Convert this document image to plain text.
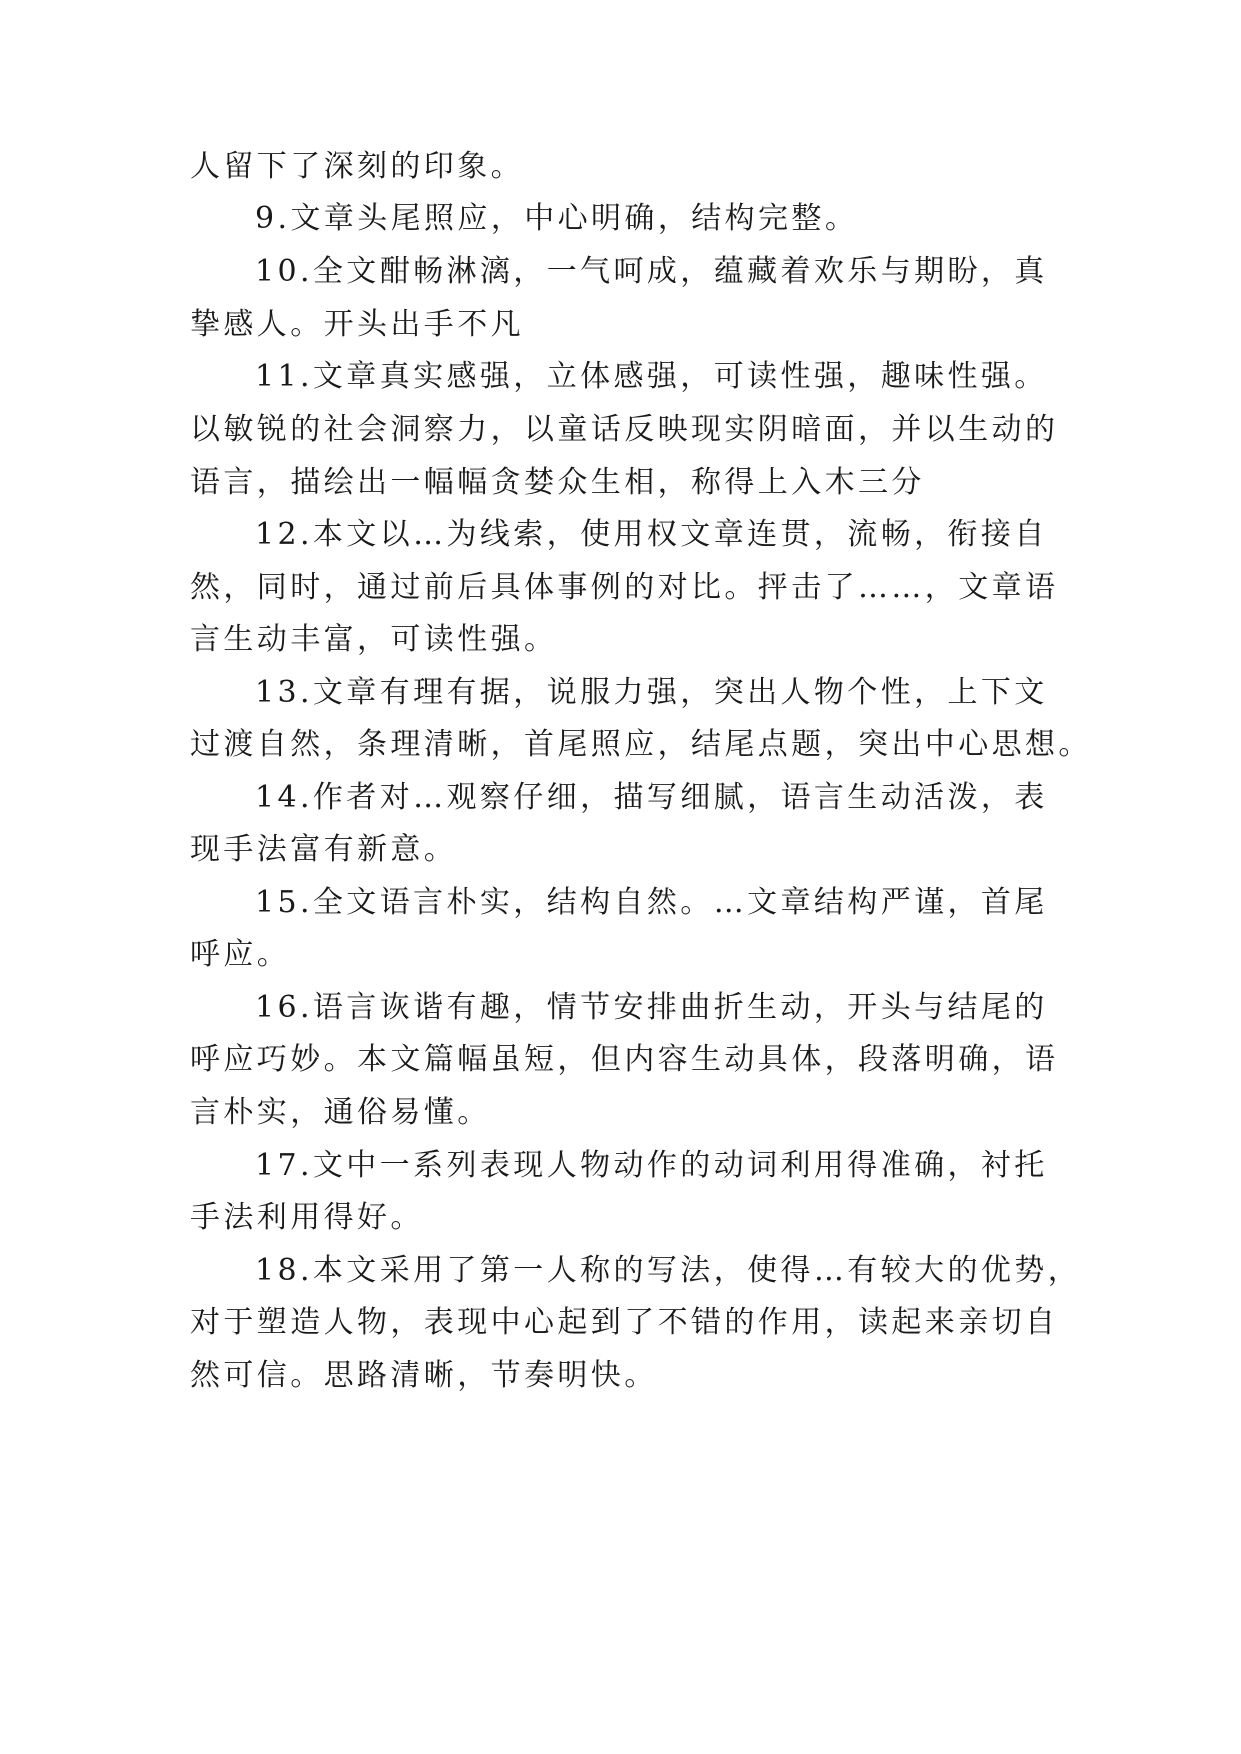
人留下了深刻的印象。
9.文章头尾照应，中心明确，结构完整。
10.全文酣畅淋漓，一气呵成，蕴藏着欢乐与期盼，真
挚感人。开头出手不凡
11.文章真实感强，立体感强，可读性强，趣味性强。
以敏锐的社会洞察力，以童话反映现实阴暗面，并以生动的
语言，描绘出一幅幅贪婪众生相，称得上入木三分
12.本文以…为线索，使用权文章连贯，流畅，衔接自
然，同时，通过前后具体事例的对比。抨击了……，文章语
言生动丰富，可读性强。
13.文章有理有据，说服力强，突出人物个性，上下文
过渡自然，条理清晰，首尾照应，结尾点题，突出中心思想。
14.作者对…观察仔细，描写细腻，语言生动活泼，表
现手法富有新意。
15.全文语言朴实，结构自然。…文章结构严谨，首尾
呼应。
16.语言诙谐有趣，情节安排曲折生动，开头与结尾的
呼应巧妙。本文篇幅虽短，但内容生动具体，段落明确，语
言朴实，通俗易懂。
17.文中一系列表现人物动作的动词利用得准确，衬托
手法利用得好。
18.本文采用了第一人称的写法，使得…有较大的优势，
对于塑造人物，表现中心起到了不错的作用，读起来亲切自
然可信。思路清晰，节奏明快。
